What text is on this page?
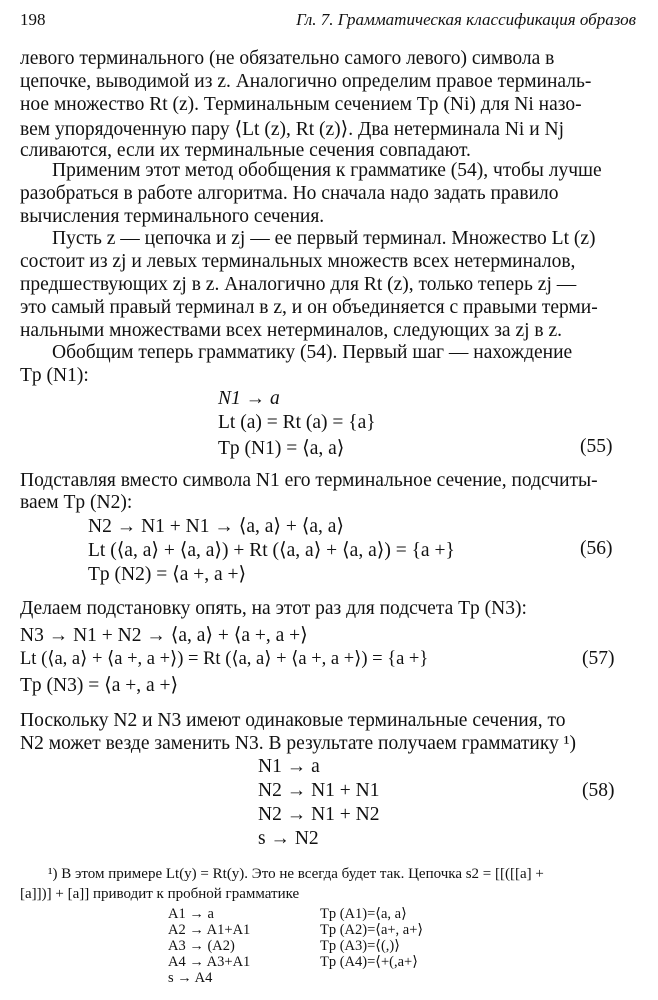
198	Гл. 7. Грамматическая классификация образов
левого терминального (не обязательно самого левого) символа в
цепочке, выводимой из z. Аналогично определим правое терминаль-
ное множество Rt (z). Терминальным сечением Tp (Ni) для Ni назо-
вем упорядоченную пару ⟨Lt (z), Rt (z)⟩. Два нетерминала Ni и Nj
сливаются, если их терминальные сечения совпадают.
Применим этот метод обобщения к грамматике (54), чтобы лучше
разобраться в работе алгоритма. Но сначала надо задать правило
вычисления терминального сечения.
Пусть z — цепочка и zj — ее первый терминал. Множество Lt (z)
состоит из zj и левых терминальных множеств всех нетерминалов,
предшествующих zj в z. Аналогично для Rt (z), только теперь zj —
это самый правый терминал в z, и он объединяется с правыми терми-
нальными множествами всех нетерминалов, следующих за zj в z.
Обобщим теперь грамматику (54). Первый шаг — нахождение
Tp (N1):
N1 → a
Lt (a) = Rt (a) = {a}
Tp (N1) = ⟨a, a⟩	(55)
Подставляя вместо символа N1 его терминальное сечение, подсчиты-
ваем Tp (N2):
N2 → N1 + N1 → ⟨a, a⟩ + ⟨a, a⟩
Lt (⟨a, a⟩ + ⟨a, a⟩) + Rt (⟨a, a⟩ + ⟨a, a⟩) = {a +}
Tp (N2) = ⟨a +, a +⟩
(56)
Делаем подстановку опять, на этот раз для подсчета Tp (N3):
N3 → N1 + N2 → ⟨a, a⟩ + ⟨a +, a +⟩
Lt (⟨a, a⟩ + ⟨a +, a +⟩) = Rt (⟨a, a⟩ + ⟨a +, a +⟩) = {a +}
Tp (N3) = ⟨a +, a +⟩
(57)
Поскольку N2 и N3 имеют одинаковые терминальные сечения, то
N2 может везде заменить N3. В результате получаем грамматику ¹)
N1 → a
N2 → N1 + N1
N2 → N1 + N2
s → N2
(58)
¹) В этом примере Lt(y) = Rt(y). Это не всегда будет так. Цепочка s2 = [[([[a] +
[a]])] + [a]] приводит к пробной грамматике
A1 → a
A2 → A1+A1
A3 → (A2)
A4 → A3+A1
s → A4
Tp (A1)=⟨a, a⟩
Tp (A2)=⟨a+, a+⟩
Tp (A3)=⟨(,)⟩
Tp (A4)=⟨+(,a+⟩
